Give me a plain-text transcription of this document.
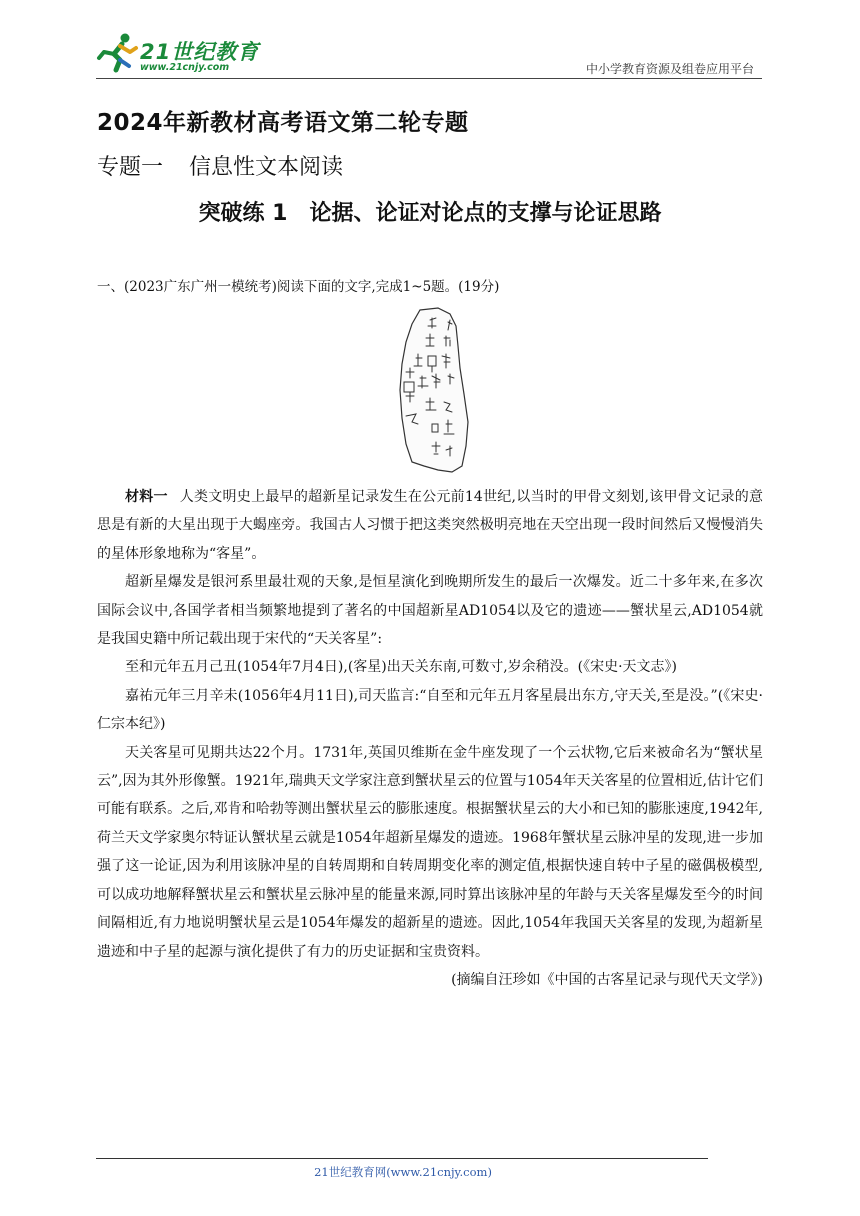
21世纪教育
www.21cnjy.com	中小学教育资源及组卷应用平台
2024年新教材高考语文第二轮专题
专题一 信息性文本阅读
突破练 1 论据、论证对论点的支撑与论证思路
一、(2023广东广州一模统考)阅读下面的文字,完成1~5题。(19分)

材料一 人类文明史上最早的超新星记录发生在公元前14世纪,以当时的甲骨文刻划,该甲骨文记录的意思是有新的大星出现于大蝎座旁。我国古人习惯于把这类突然极明亮地在天空出现一段时间然后又慢慢消失的星体形象地称为“客星”。

超新星爆发是银河系里最壮观的天象,是恒星演化到晚期所发生的最后一次爆发。近二十多年来,在多次国际会议中,各国学者相当频繁地提到了著名的中国超新星AD1054以及它的遗迹——蟹状星云,AD1054就是我国史籍中所记载出现于宋代的“天关客星”:

至和元年五月己丑(1054年7月4日),(客星)出天关东南,可数寸,岁余稍没。(《宋史·天文志》)

嘉祐元年三月辛未(1056年4月11日),司天监言:“自至和元年五月客星晨出东方,守天关,至是没。”(《宋史·仁宗本纪》)

天关客星可见期共达22个月。1731年,英国贝维斯在金牛座发现了一个云状物,它后来被命名为“蟹状星云”,因为其外形像蟹。1921年,瑞典天文学家注意到蟹状星云的位置与1054年天关客星的位置相近,估计它们可能有联系。之后,邓肯和哈勃等测出蟹状星云的膨胀速度。根据蟹状星云的大小和已知的膨胀速度,1942年,荷兰天文学家奥尔特证认蟹状星云就是1054年超新星爆发的遗迹。1968年蟹状星云脉冲星的发现,进一步加强了这一论证,因为利用该脉冲星的自转周期和自转周期变化率的测定值,根据快速自转中子星的磁偶极模型,可以成功地解释蟹状星云和蟹状星云脉冲星的能量来源,同时算出该脉冲星的年龄与天关客星爆发至今的时间间隔相近,有力地说明蟹状星云是1054年爆发的超新星的遗迹。因此,1054年我国天关客星的发现,为超新星遗迹和中子星的起源与演化提供了有力的历史证据和宝贵资料。

(摘编自汪珍如《中国的古客星记录与现代天文学》)

21世纪教育网(www.21cnjy.com)
